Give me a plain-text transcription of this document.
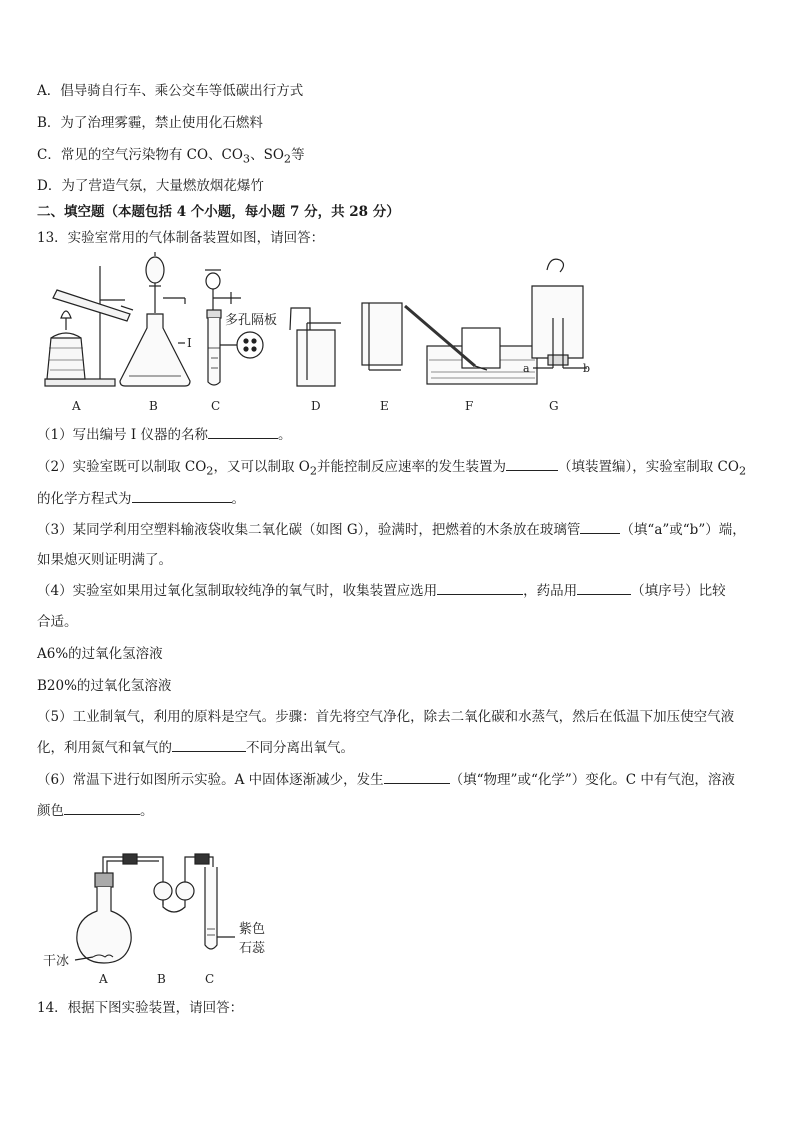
A．倡导骑自行车、乘公交车等低碳出行方式
B．为了治理雾霾，禁止使用化石燃料
C．常见的空气污染物有 CO、$CO_3$、$SO_2$等
D．为了营造气氛，大量燃放烟花爆竹
二、填空题（本题包括 4 个小题，每小题 7 分，共 28 分）
13．实验室常用的气体制备装置如图，请回答：
I
多孔隔板
a	b
A	B	C	D	E	F	G
（1）写出编号 I 仪器的名称	。
（2）实验室既可以制取 $CO_2$，又可以制取 $O_2$并能控制反应速率的发生装置为	（填装置编），实验室制取 $CO_2$
的化学方程式为	。
（3）某同学利用空塑料输液袋收集二氧化碳（如图 G），验满时，把燃着的木条放在玻璃管	（填“a”或“b”）端，
如果熄灭则证明满了。
（4）实验室如果用过氧化氢制取较纯净的氧气时，收集装置应选用	，药品用	（填序号）比较
合适。
A6%的过氧化氢溶液
B20%的过氧化氢溶液
（5）工业制氧气，利用的原料是空气。步骤：首先将空气净化，除去二氧化碳和水蒸气，然后在低温下加压使空气液
化，利用氮气和氧气的	不同分离出氧气。
（6）常温下进行如图所示实验。A 中固体逐渐减少，发生	（填“物理”或“化学”）变化。C 中有气泡，溶液
颜色	。
干冰
紫色
石蕊
A	B	C
14．根据下图实验装置，请回答：
